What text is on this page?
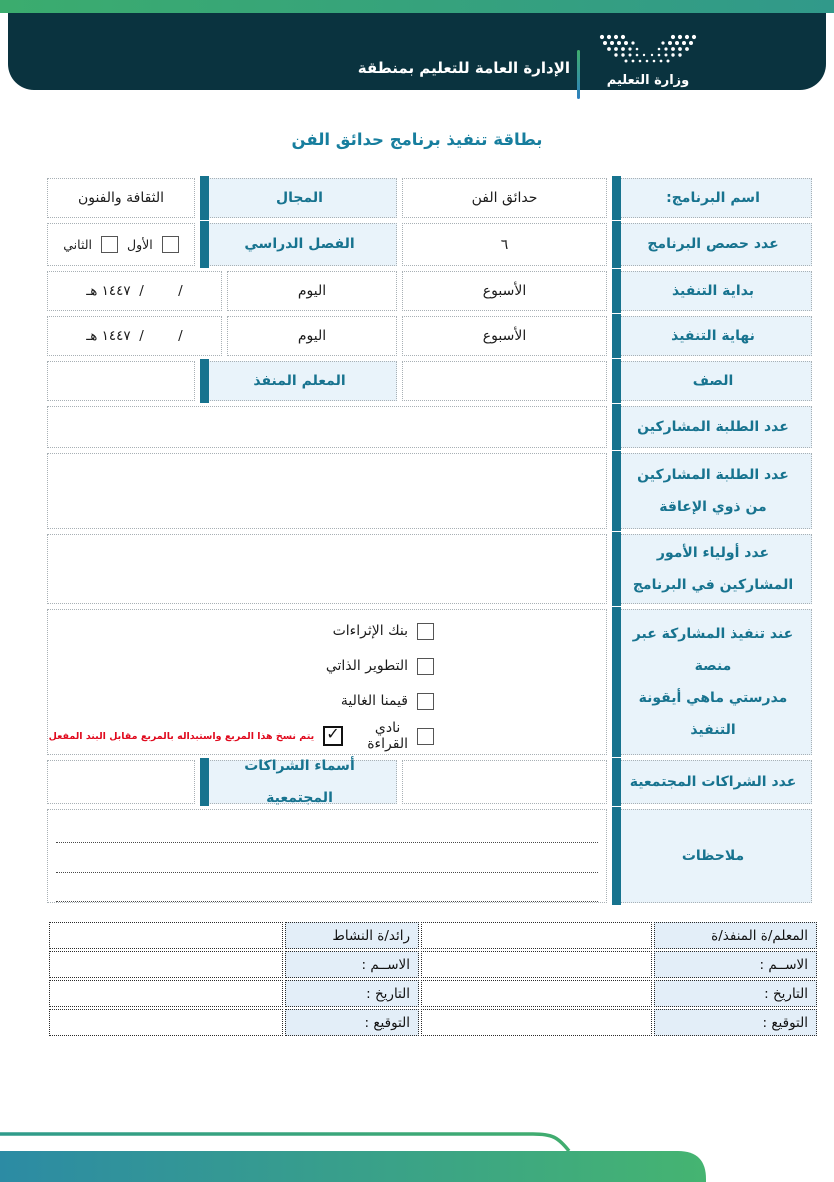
الإدارة العامة للتعليم بمنطقة
مدرسة
وزارة التعليم
Ministry of Education
بطاقة تنفيذ برنامج حدائق الفن
اسم البرنامج:
حدائق الفن
المجال
الثقافة والفنون
عدد حصص البرنامج
٦
الفصل الدراسي
الأول
الثاني
بداية التنفيذ
الأسبوع
اليوم
/        /  ١٤٤٧ هـ
نهاية التنفيذ
الأسبوع
اليوم
/        /  ١٤٤٧ هـ
الصف
المعلم المنفذ
عدد الطلبة المشاركين
عدد الطلبة المشاركين من ذوي الإعاقة
عدد أولياء الأمور المشاركين في البرنامج
عند تنفيذ المشاركة عبر منصة
مدرستي ماهي أيقونة التنفيذ
بنك الإثراءات
التطوير الذاتي
قيمنا الغالية
نادي القراءة
✓
يتم نسخ هذا المربع واستبداله بالمربع مقابل البند المفعل
عدد الشراكات المجتمعية
أسماء الشراكات المجتمعية
ملاحظات
المعلم/ة المنفذ/ة
رائد/ة النشاط
الاســم :
الاســم :
التاريخ :
التاريخ :
التوقيع :
التوقيع :
